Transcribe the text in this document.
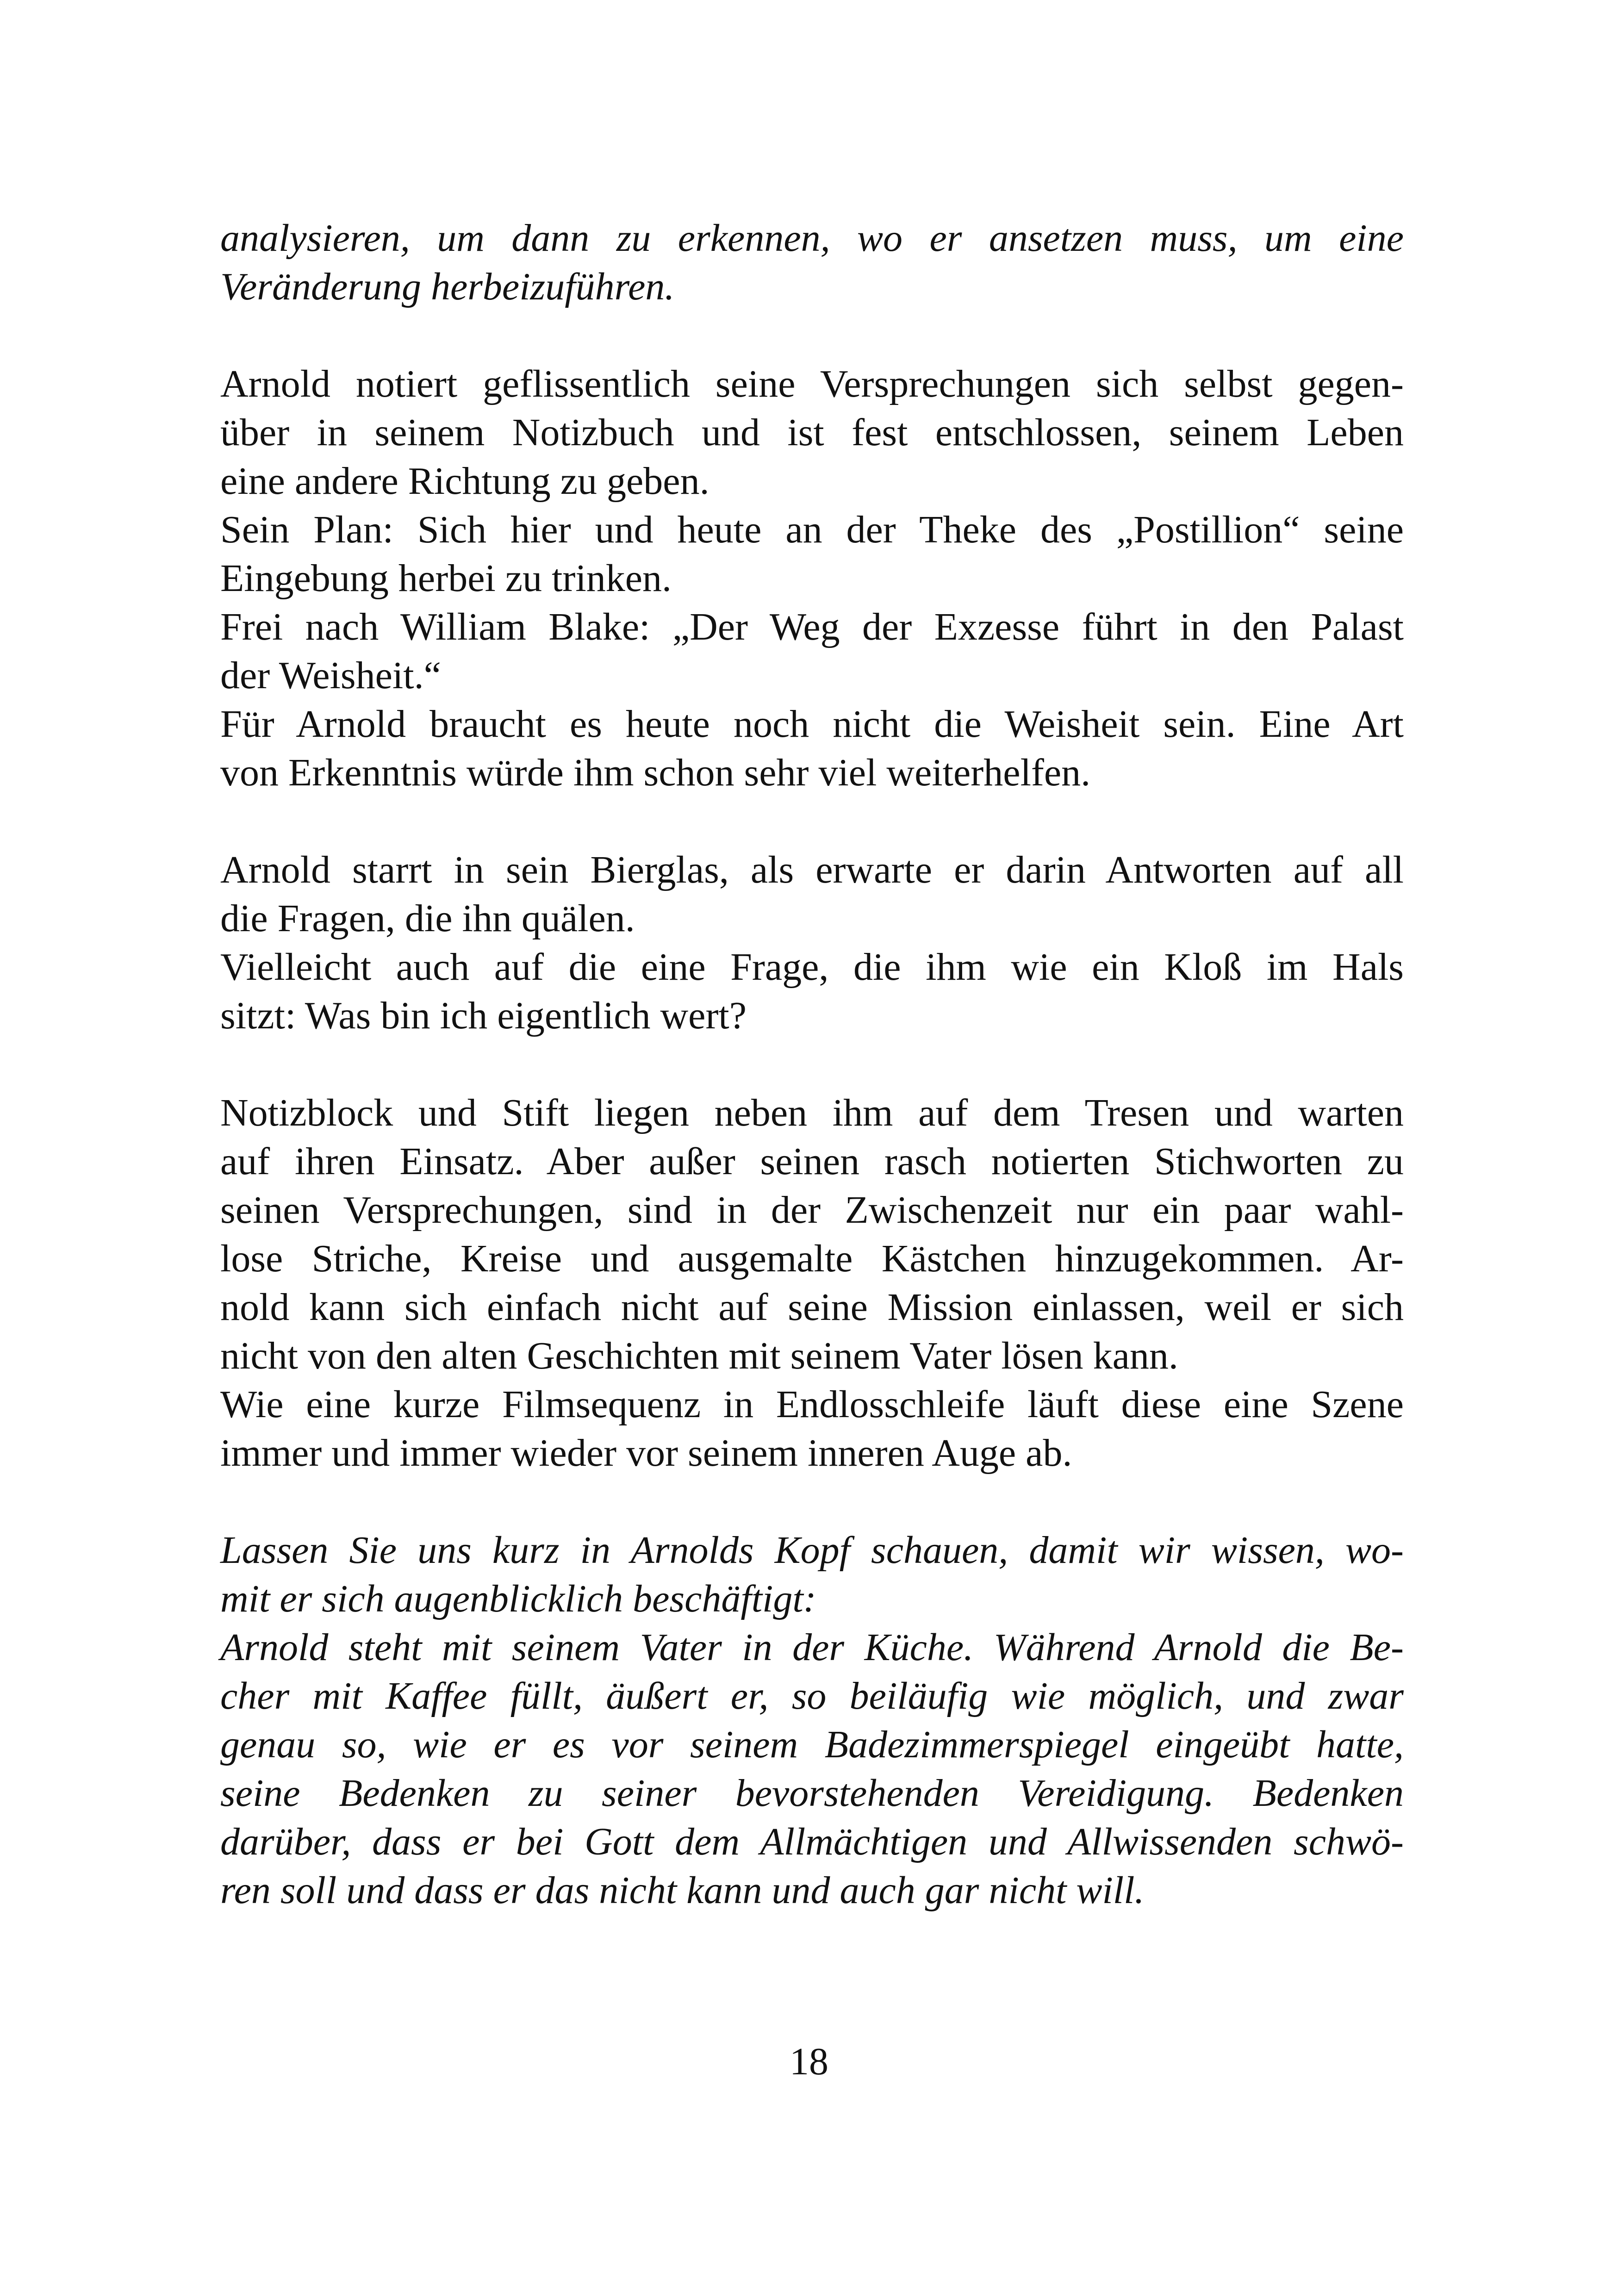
analysieren, um dann zu erkennen, wo er ansetzen muss, um eine
Veränderung herbeizuführen.
Arnold notiert geflissentlich seine Versprechungen sich selbst gegen-
über in seinem Notizbuch und ist fest entschlossen, seinem Leben
eine andere Richtung zu geben.
Sein Plan: Sich hier und heute an der Theke des „Postillion“ seine
Eingebung herbei zu trinken.
Frei nach William Blake: „Der Weg der Exzesse führt in den Palast
der Weisheit.“
Für Arnold braucht es heute noch nicht die Weisheit sein. Eine Art
von Erkenntnis würde ihm schon sehr viel weiterhelfen.
Arnold starrt in sein Bierglas, als erwarte er darin Antworten auf all
die Fragen, die ihn quälen.
Vielleicht auch auf die eine Frage, die ihm wie ein Kloß im Hals
sitzt: Was bin ich eigentlich wert?
Notizblock und Stift liegen neben ihm auf dem Tresen und warten
auf ihren Einsatz. Aber außer seinen rasch notierten Stichworten zu
seinen Versprechungen, sind in der Zwischenzeit nur ein paar wahl-
lose Striche, Kreise und ausgemalte Kästchen hinzugekommen. Ar-
nold kann sich einfach nicht auf seine Mission einlassen, weil er sich
nicht von den alten Geschichten mit seinem Vater lösen kann.
Wie eine kurze Filmsequenz in Endlosschleife läuft diese eine Szene
immer und immer wieder vor seinem inneren Auge ab.
Lassen Sie uns kurz in Arnolds Kopf schauen, damit wir wissen, wo-
mit er sich augenblicklich beschäftigt:
Arnold steht mit seinem Vater in der Küche. Während Arnold die Be-
cher mit Kaffee füllt, äußert er, so beiläufig wie möglich, und zwar
genau so, wie er es vor seinem Badezimmerspiegel eingeübt hatte,
seine Bedenken zu seiner bevorstehenden Vereidigung. Bedenken
darüber, dass er bei Gott dem Allmächtigen und Allwissenden schwö-
ren soll und dass er das nicht kann und auch gar nicht will.
18
